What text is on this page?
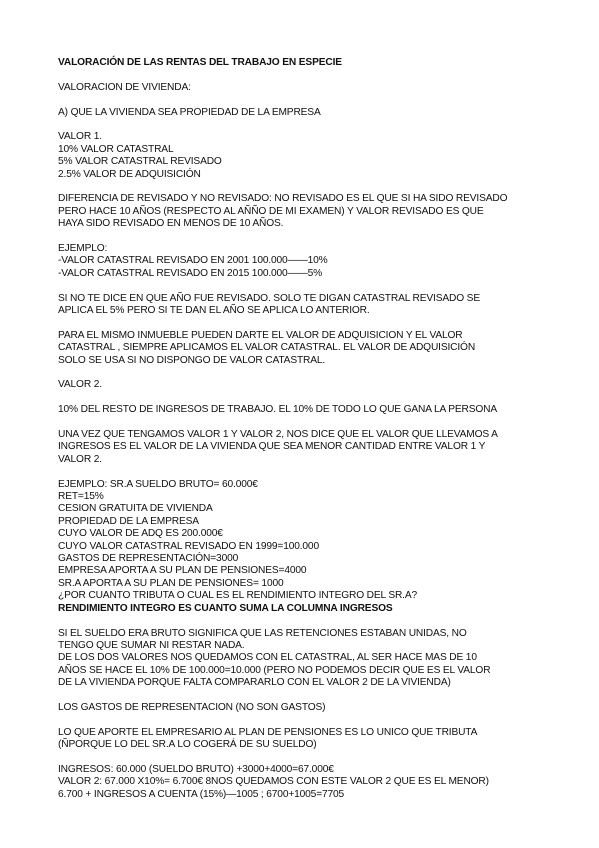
VALORACIÓN DE LAS RENTAS DEL TRABAJO EN ESPECIE
VALORACION DE VIVIENDA:
A) QUE LA VIVIENDA SEA PROPIEDAD DE LA EMPRESA
VALOR 1.
10% VALOR CATASTRAL
5% VALOR CATASTRAL REVISADO
2.5% VALOR DE ADQUISICIÓN
DIFERENCIA DE REVISADO Y NO REVISADO: NO REVISADO ES EL QUE SI HA SIDO REVISADO
PERO HACE 10 AÑOS (RESPECTO AL AÑÑO DE MI EXAMEN) Y VALOR REVISADO ES QUE
HAYA SIDO REVISADO EN MENOS DE 10 AÑOS.
EJEMPLO:
-VALOR CATASTRAL REVISADO EN 2001 100.000——10%
-VALOR CATASTRAL REVISADO EN 2015 100.000——5%
SI NO TE DICE EN QUE AÑO FUE REVISADO. SOLO TE DIGAN CATASTRAL REVISADO SE
APLICA EL 5% PERO SI TE DAN EL AÑO SE APLICA LO ANTERIOR.
PARA EL MISMO INMUEBLE PUEDEN DARTE EL VALOR DE ADQUISICION Y EL VALOR
CATASTRAL , SIEMPRE APLICAMOS EL VALOR CATASTRAL. EL VALOR DE ADQUISICIÓN
SOLO SE USA SI NO DISPONGO DE VALOR CATASTRAL.
VALOR 2.
10% DEL RESTO DE INGRESOS DE TRABAJO. EL 10% DE TODO LO QUE GANA LA PERSONA
UNA VEZ QUE TENGAMOS VALOR 1 Y VALOR 2, NOS DICE QUE EL VALOR QUE LLEVAMOS A
INGRESOS ES EL VALOR DE LA VIVIENDA QUE SEA MENOR CANTIDAD ENTRE VALOR 1 Y
VALOR 2.
EJEMPLO: SR.A SUELDO BRUTO= 60.000€
RET=15%
CESION GRATUITA DE VIVIENDA
PROPIEDAD DE LA EMPRESA
CUYO VALOR DE ADQ ES 200.000€
CUYO VALOR CATASTRAL REVISADO EN 1999=100.000
GASTOS DE REPRESENTACIÓN=3000
EMPRESA APORTA A SU PLAN DE PENSIONES=4000
SR.A APORTA A SU PLAN DE PENSIONES= 1000
¿POR CUANTO TRIBUTA O CUAL ES EL RENDIMIENTO INTEGRO DEL SR.A?
RENDIMIENTO INTEGRO ES CUANTO SUMA LA COLUMNA INGRESOS
SI EL SUELDO ERA BRUTO SIGNIFICA QUE LAS RETENCIONES ESTABAN UNIDAS, NO
TENGO QUE SUMAR NI RESTAR NADA.
DE LOS DOS VALORES NOS QUEDAMOS CON EL CATASTRAL, AL SER HACE MAS DE 10
AÑOS SE HACE EL 10% DE 100.000=10.000 (PERO NO PODEMOS DECIR QUE ES EL VALOR
DE LA VIVIENDA PORQUE FALTA COMPARARLO CON EL VALOR 2 DE LA VIVIENDA)
LOS GASTOS DE REPRESENTACION (NO SON GASTOS)
LO QUE APORTE EL EMPRESARIO AL PLAN DE PENSIONES ES LO UNICO QUE TRIBUTA
(ÑPORQUE LO DEL SR.A LO COGERÁ DE SU SUELDO)
INGRESOS: 60.000 (SUELDO BRUTO) +3000+4000=67.000€
VALOR 2: 67.000 X10%= 6.700€ 8NOS QUEDAMOS CON ESTE VALOR 2 QUE ES EL MENOR)
6.700 + INGRESOS A CUENTA (15%)—1005 ; 6700+1005=7705
